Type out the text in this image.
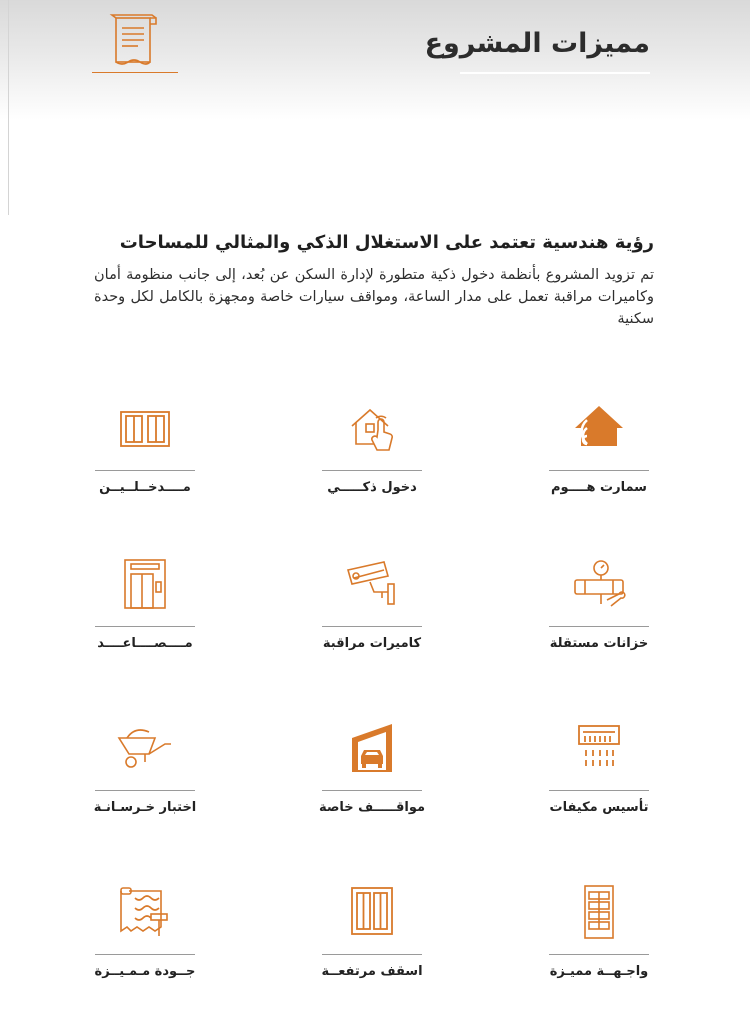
مميزات المشروع
رؤية هندسية تعتمد على الاستغلال الذكي والمثالي للمساحات
تم تزويد المشروع بأنظمة دخول ذكية متطورة لإدارة السكن عن بُعد، إلى جانب منظومة أمان وكاميرات مراقبة تعمل على مدار الساعة، ومواقف سيارات خاصة ومجهزة بالكامل لكل وحدة سكنية
سمارت هــــوم
دخول ذكـــــي
مــــدخــلــيــن
خزانات مستقلة
كاميرات مراقبة
مــــصــــاعــــد
تأسيس مكيفات
مواقـــــف خاصة
اختبار خـرسـانـة
واجـهــة مميـزة
اسقف مرتفعــة
جــودة مـمـيــزة
